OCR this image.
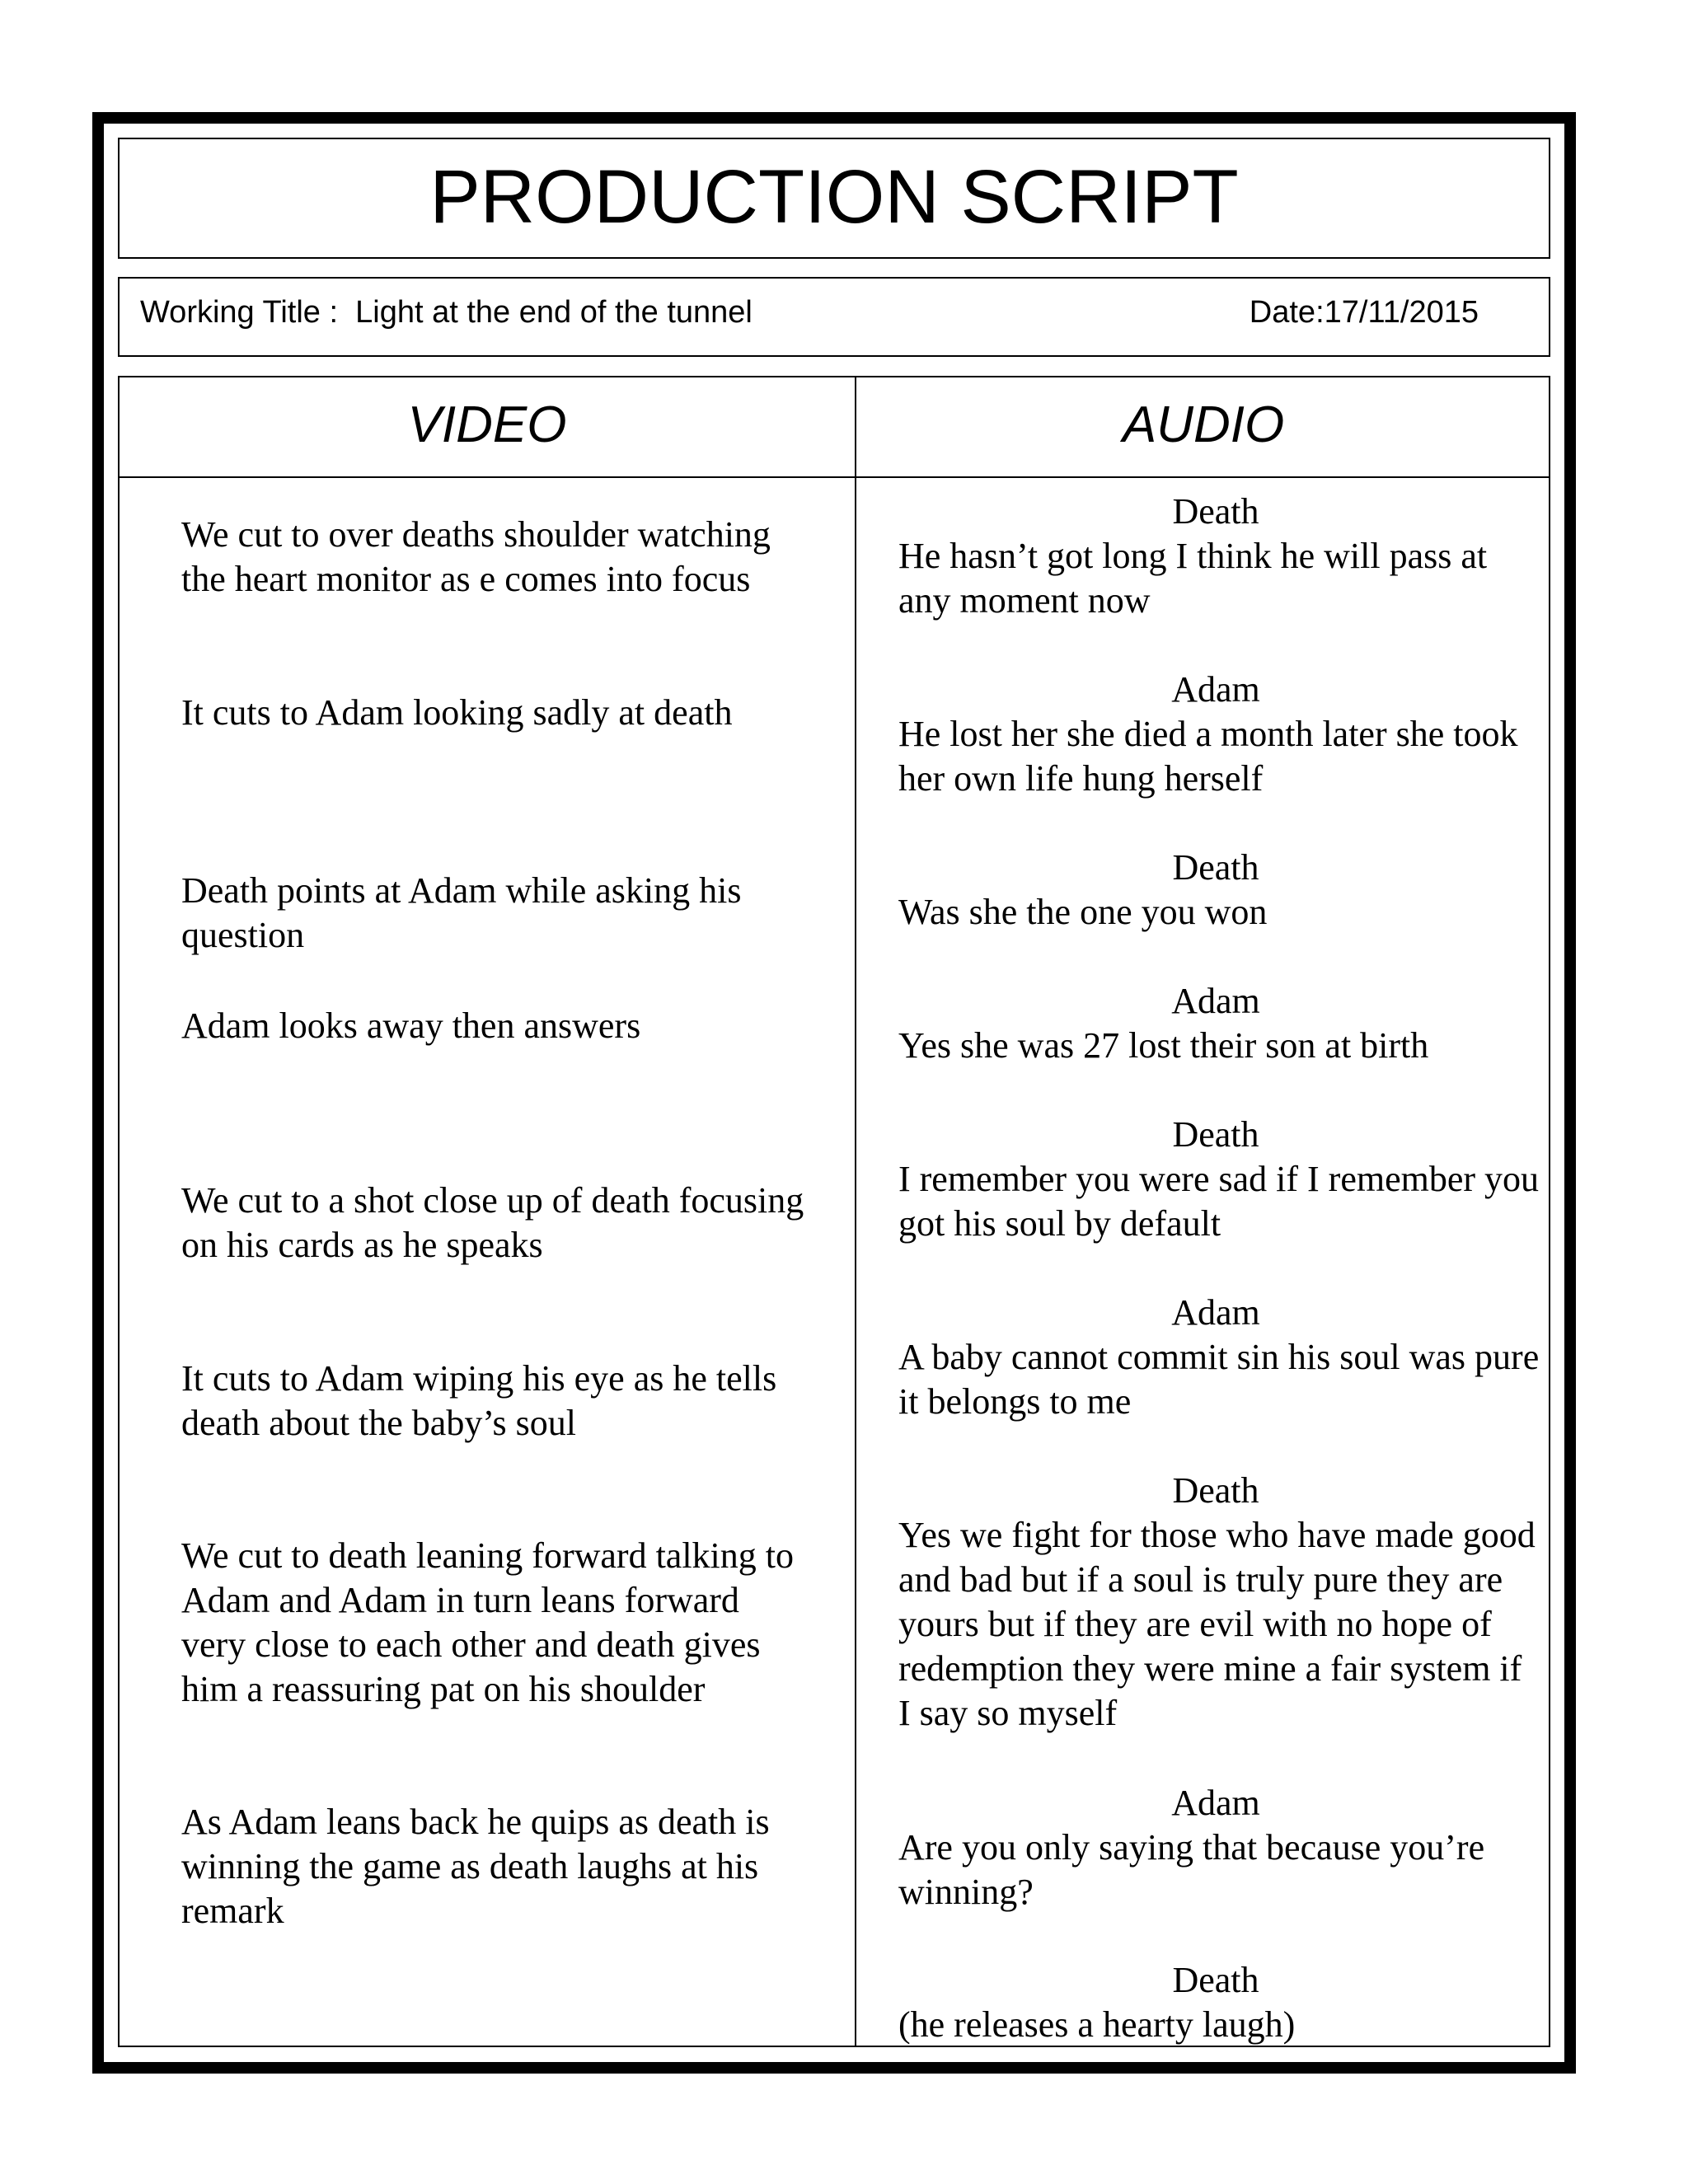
PRODUCTION SCRIPT
Working Title :  Light at the end of the tunnel	Date:17/11/2015
VIDEO	AUDIO
We cut to over deaths shoulder watching the heart monitor as e comes into focus
It cuts to Adam looking sadly at death
Death points at Adam while asking his question
Adam looks away then answers
We cut to a shot close up of death focusing on his cards as he speaks
It cuts to Adam wiping his eye as he tells death about the baby’s soul
We cut to death leaning forward talking to Adam and Adam in turn leans forward very close to each other and death gives him a reassuring pat on his shoulder
As Adam leans back he quips as death is winning the game as death laughs at his remark
Death
He hasn’t got long I think he will pass at any moment now
Adam
He lost her she died a month later she took her own life hung herself
Death
Was she the one you won
Adam
Yes she was 27 lost their son at birth
Death
I remember you were sad if I remember you got his soul by default
Adam
A baby cannot commit sin his soul was pure it belongs to me
Death
Yes we fight for those who have made good and bad but if a soul is truly pure they are yours but if they are evil with no hope of redemption they were mine a fair system if I say so myself
Adam
Are you only saying that because you’re winning?
Death
(he releases a hearty laugh)
